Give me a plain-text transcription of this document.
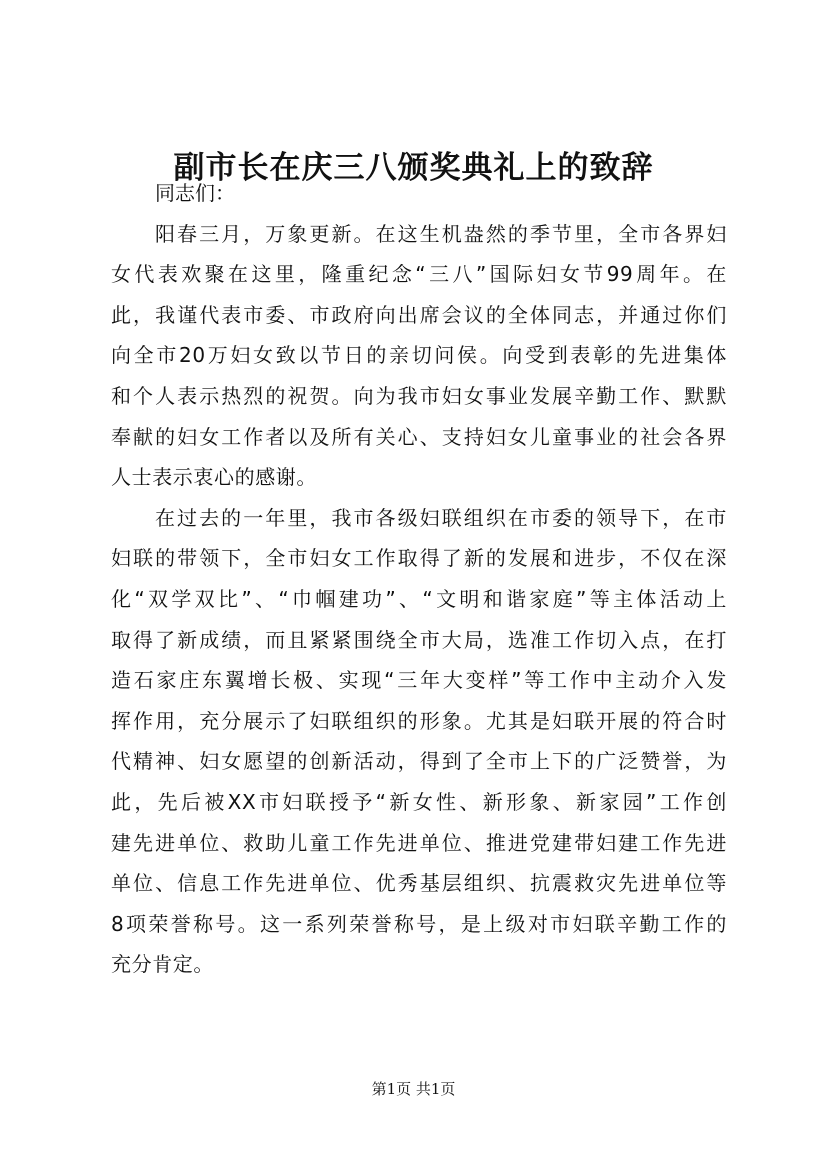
副市长在庆三八颁奖典礼上的致辞

同志们：

阳春三月，万象更新。在这生机盎然的季节里，全市各界妇
女代表欢聚在这里，隆重纪念“三八”国际妇女节99周年。在
此，我谨代表市委、市政府向出席会议的全体同志，并通过你们
向全市20万妇女致以节日的亲切问侯。向受到表彰的先进集体
和个人表示热烈的祝贺。向为我市妇女事业发展辛勤工作、默默
奉献的妇女工作者以及所有关心、支持妇女儿童事业的社会各界
人士表示衷心的感谢。

在过去的一年里，我市各级妇联组织在市委的领导下，在市
妇联的带领下，全市妇女工作取得了新的发展和进步，不仅在深
化“双学双比”、“巾帼建功”、“文明和谐家庭”等主体活动上
取得了新成绩，而且紧紧围绕全市大局，选准工作切入点，在打
造石家庄东翼增长极、实现“三年大变样”等工作中主动介入发
挥作用，充分展示了妇联组织的形象。尤其是妇联开展的符合时
代精神、妇女愿望的创新活动，得到了全市上下的广泛赞誉，为
此，先后被XX市妇联授予“新女性、新形象、新家园”工作创
建先进单位、救助儿童工作先进单位、推进党建带妇建工作先进
单位、信息工作先进单位、优秀基层组织、抗震救灾先进单位等
8项荣誉称号。这一系列荣誉称号，是上级对市妇联辛勤工作的
充分肯定。

第1页 共1页
